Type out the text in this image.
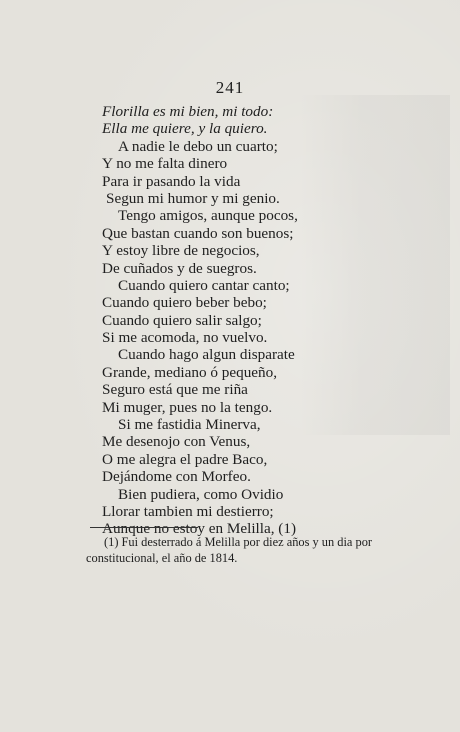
241
Florilla es mi bien, mi todo:
Ella me quiere, y la quiero.
A nadie le debo un cuarto;
Y no me falta dinero
Para ir pasando la vida
Segun mi humor y mi genio.
Tengo amigos, aunque pocos,
Que bastan cuando son buenos;
Y estoy libre de negocios,
De cuñados y de suegros.
Cuando quiero cantar canto;
Cuando quiero beber bebo;
Cuando quiero salir salgo;
Si me acomoda, no vuelvo.
Cuando hago algun disparate
Grande, mediano ó pequeño,
Seguro está que me riña
Mi muger, pues no la tengo.
Si me fastidia Minerva,
Me desenojo con Venus,
O me alegra el padre Baco,
Dejándome con Morfeo.
Bien pudiera, como Ovidio
Llorar tambien mi destierro;
Aunque no estoy en Melilla, (1)

(1) Fui desterrado á Melilla por diez años y un dia por constitucional, el año de 1814.
